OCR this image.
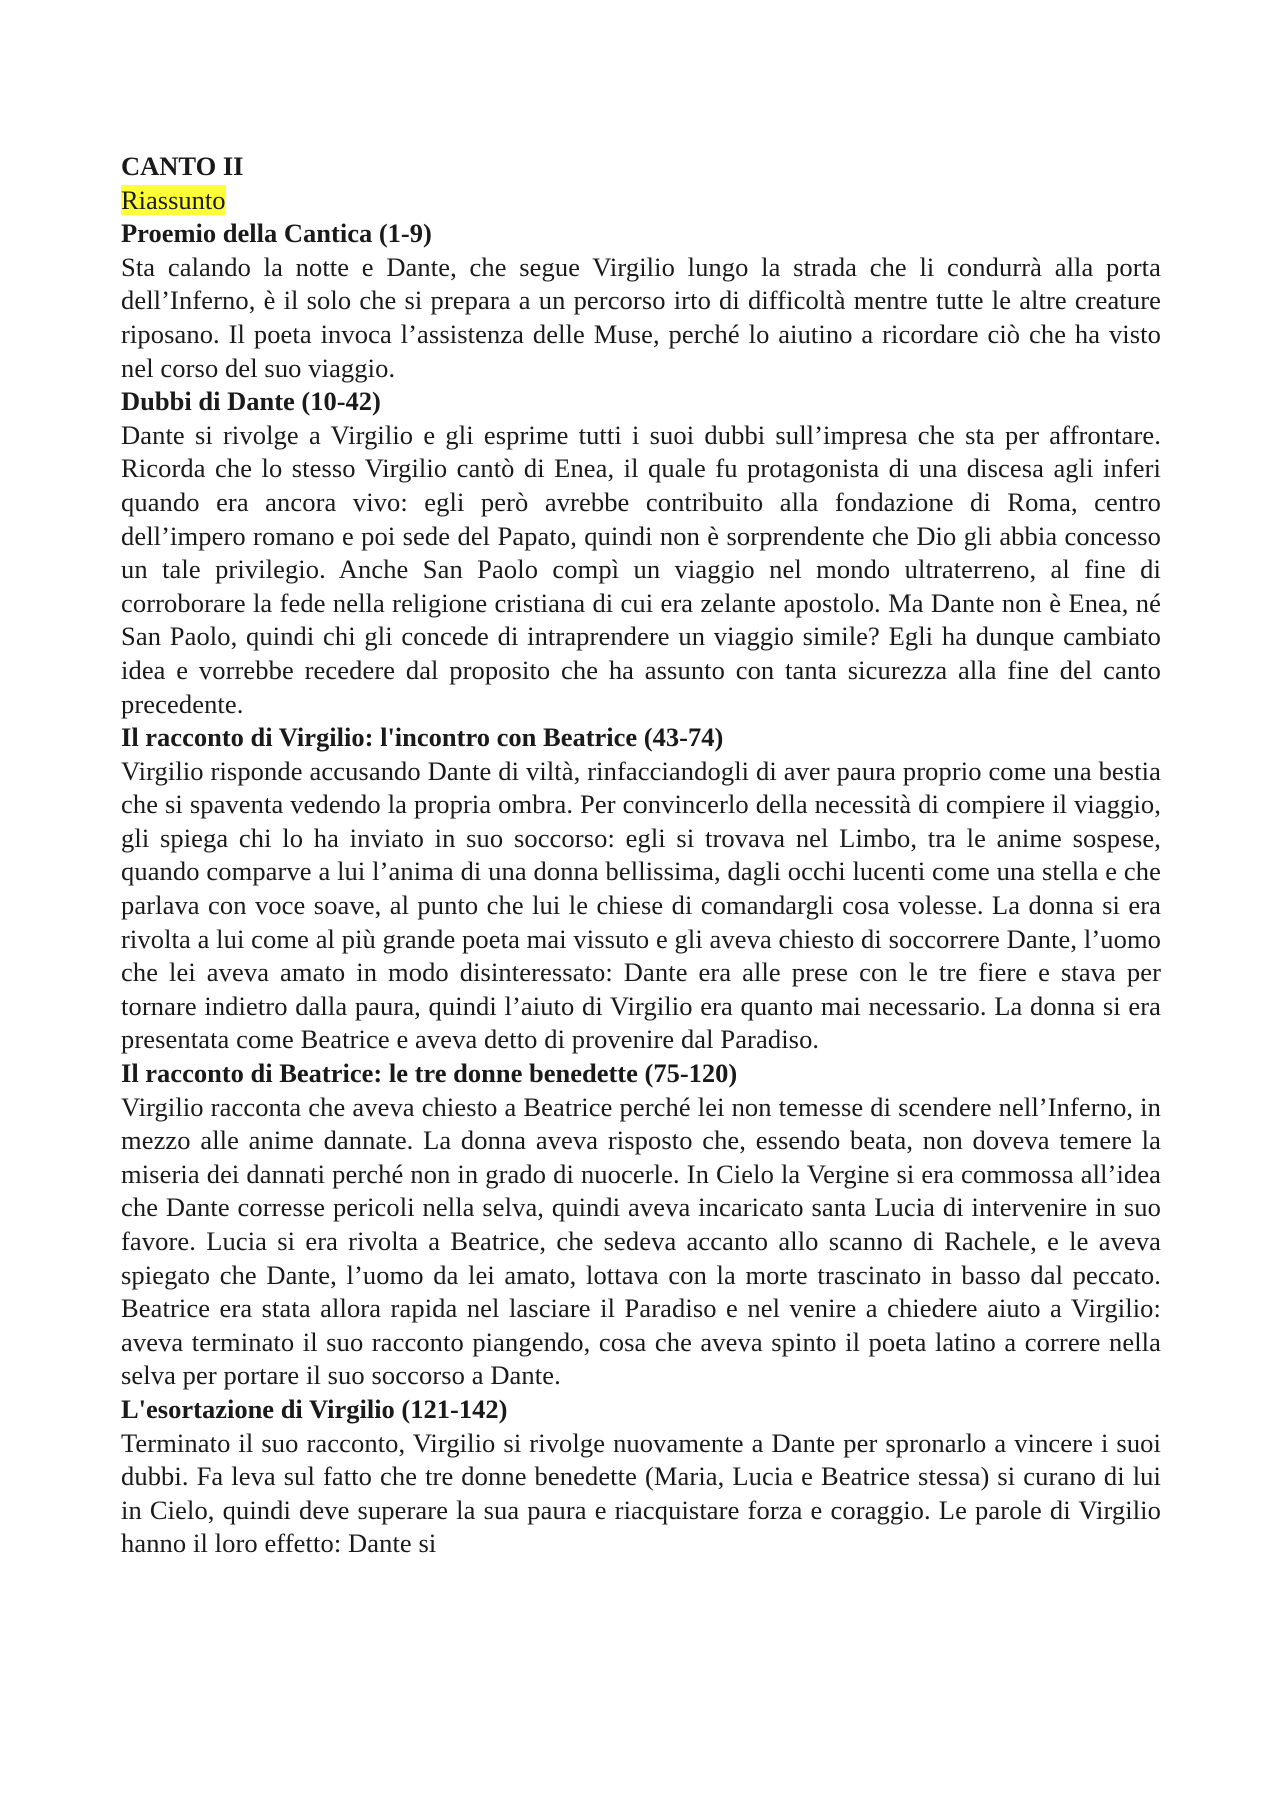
CANTO II

Riassunto

Proemio della Cantica (1-9)

Sta calando la notte e Dante, che segue Virgilio lungo la strada che li condurrà alla porta dell’Inferno, è il solo che si prepara a un percorso irto di difficoltà mentre tutte le altre creature riposano. Il poeta invoca l’assistenza delle Muse, perché lo aiutino a ricordare ciò che ha visto nel corso del suo viaggio.

Dubbi di Dante (10-42)

Dante si rivolge a Virgilio e gli esprime tutti i suoi dubbi sull’impresa che sta per affrontare. Ricorda che lo stesso Virgilio cantò di Enea, il quale fu protagonista di una discesa agli inferi quando era ancora vivo: egli però avrebbe contribuito alla fondazione di Roma, centro dell’impero romano e poi sede del Papato, quindi non è sorprendente che Dio gli abbia concesso un tale privilegio. Anche San Paolo compì un viaggio nel mondo ultraterreno, al fine di corroborare la fede nella religione cristiana di cui era zelante apostolo. Ma Dante non è Enea, né San Paolo, quindi chi gli concede di intraprendere un viaggio simile? Egli ha dunque cambiato idea e vorrebbe recedere dal proposito che ha assunto con tanta sicurezza alla fine del canto precedente.

Il racconto di Virgilio: l'incontro con Beatrice (43-74)

Virgilio risponde accusando Dante di viltà, rinfacciandogli di aver paura proprio come una bestia che si spaventa vedendo la propria ombra. Per convincerlo della necessità di compiere il viaggio, gli spiega chi lo ha inviato in suo soccorso: egli si trovava nel Limbo, tra le anime sospese, quando comparve a lui l’anima di una donna bellissima, dagli occhi lucenti come una stella e che parlava con voce soave, al punto che lui le chiese di comandargli cosa volesse. La donna si era rivolta a lui come al più grande poeta mai vissuto e gli aveva chiesto di soccorrere Dante, l’uomo che lei aveva amato in modo disinteressato: Dante era alle prese con le tre fiere e stava per tornare indietro dalla paura, quindi l’aiuto di Virgilio era quanto mai necessario. La donna si era presentata come Beatrice e aveva detto di provenire dal Paradiso.

Il racconto di Beatrice: le tre donne benedette (75-120)

Virgilio racconta che aveva chiesto a Beatrice perché lei non temesse di scendere nell’Inferno, in mezzo alle anime dannate. La donna aveva risposto che, essendo beata, non doveva temere la miseria dei dannati perché non in grado di nuocerle. In Cielo la Vergine si era commossa all’idea che Dante corresse pericoli nella selva, quindi aveva incaricato santa Lucia di intervenire in suo favore. Lucia si era rivolta a Beatrice, che sedeva accanto allo scanno di Rachele, e le aveva spiegato che Dante, l’uomo da lei amato, lottava con la morte trascinato in basso dal peccato. Beatrice era stata allora rapida nel lasciare il Paradiso e nel venire a chiedere aiuto a Virgilio: aveva terminato il suo racconto piangendo, cosa che aveva spinto il poeta latino a correre nella selva per portare il suo soccorso a Dante.

L'esortazione di Virgilio (121-142)

Terminato il suo racconto, Virgilio si rivolge nuovamente a Dante per spronarlo a vincere i suoi dubbi. Fa leva sul fatto che tre donne benedette (Maria, Lucia e Beatrice stessa) si curano di lui in Cielo, quindi deve superare la sua paura e riacquistare forza e coraggio. Le parole di Virgilio hanno il loro effetto: Dante si
